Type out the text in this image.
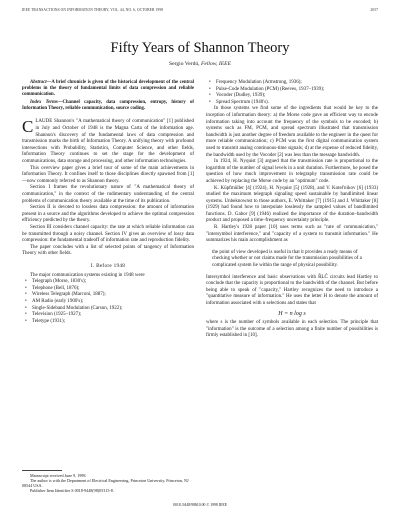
IEEE TRANSACTIONS ON INFORMATION THEORY, VOL. 44, NO. 6, OCTOBER 1998	2057
Fifty Years of Shannon Theory
Sergio Verdú, Fellow, IEEE

Abstract—A brief chronicle is given of the historical development of the central problems in the theory of fundamental limits of data compression and reliable communication.

Index Terms—Channel capacity, data compression, entropy, history of Information Theory, reliable communication, source coding.

CLAUDE Shannon's "A mathematical theory of communication" [1] published in July and October of 1948 is the Magna Carta of the information age. Shannon's discovery of the fundamental laws of data compression and transmission marks the birth of Information Theory. A unifying theory with profound intersections with Probability, Statistics, Computer Science, and other fields, Information Theory continues to set the stage for the development of communications, data storage and processing, and other information technologies.

This overview paper gives a brief tour of some of the main achievements in Information Theory. It confines itself to those disciplines directly spawned from [1]—now commonly referred to as Shannon theory.

Section I frames the revolutionary nature of "A mathematical theory of communication," in the context of the rudimentary understanding of the central problems of communication theory available at the time of its publication.

Section II is devoted to lossless data compression: the amount of information present in a source and the algorithms developed to achieve the optimal compression efficiency predicted by the theory.

Section III considers channel capacity: the rate at which reliable information can be transmitted through a noisy channel. Section IV gives an overview of lossy data compression: the fundamental tradeoff of information rate and reproduction fidelity.

The paper concludes with a list of selected points of tangency of Information Theory with other fields.

I. Before 1948

The major communication systems existing in 1948 were

• Telegraph (Morse, 1830's);
• Telephone (Bell, 1876);
• Wireless Telegraph (Marconi, 1887);
• AM Radio (early 1900's);
• Single-Sideband Modulation (Carson, 1922);
• Television (1925–1927);
• Teletype (1931);
Manuscript received June 9, 1998.
The author is with the Department of Electrical Engineering, Princeton University, Princeton, NJ 08544 USA.
Publisher Item Identifier S 0018-9448(98)05315-8.
• Frequency Modulation (Armstrong, 1936);
• Pulse-Code Modulation (PCM) (Reeves, 1937–1939);
• Vocoder (Dudley, 1939);
• Spread Spectrum (1940's).

In those systems we find some of the ingredients that would be key to the inception of information theory: a) the Morse code gave an efficient way to encode information taking into account the frequency of the symbols to be encoded; b) systems such as FM, PCM, and spread spectrum illustrated that transmission bandwidth is just another degree of freedom available to the engineer in the quest for more reliable communication; c) PCM was the first digital communication system used to transmit analog continuous-time signals; d) at the expense of reduced fidelity, the bandwidth used by the Vocoder [2] was less than the message bandwidth.

In 1924, H. Nyquist [3] argued that the transmission rate is proportional to the logarithm of the number of signal levels in a unit duration. Furthermore, he posed the question of how much improvement in telegraphy transmission rate could be achieved by replacing the Morse code by an "optimum" code.

K. Küpfmüller [4] (1924), H. Nyquist [5] (1928), and V. Kotel'nikov [6] (1933) studied the maximum telegraph signaling speed sustainable by bandlimited linear systems. Unbeknownst to those authors, E. Whittaker [7] (1915) and J. Whittaker [8] (1929) had found how to interpolate losslessly the sampled values of bandlimited functions. D. Gabor [9] (1946) realized the importance of the duration–bandwidth product and proposed a time–frequency uncertainty principle.

R. Hartley's 1928 paper [10] uses terms such as "rate of communication," "intersymbol interference," and "capacity of a system to transmit information." He summarizes his main accomplishment as

the point of view developed is useful in that it provides a ready means of checking whether or not claims made for the transmission possibilities of a complicated system lie within the range of physical possibility.

Intersymbol interference and basic observations with R̂LĈ circuits lead Hartley to conclude that the capacity is proportional to the bandwidth of the channel. But before being able to speak of "capacity," Hartley recognizes the need to introduce a "quantitative measure of information." He uses the letter H to denote the amount of information associated with n selections and states that

H = n log s

where s is the number of symbols available in each selection. The principle that "information" is the outcome of a selection among a finite number of possibilities is firmly established in [10].

0018–9448/98$10.00 © 1998 IEEE
